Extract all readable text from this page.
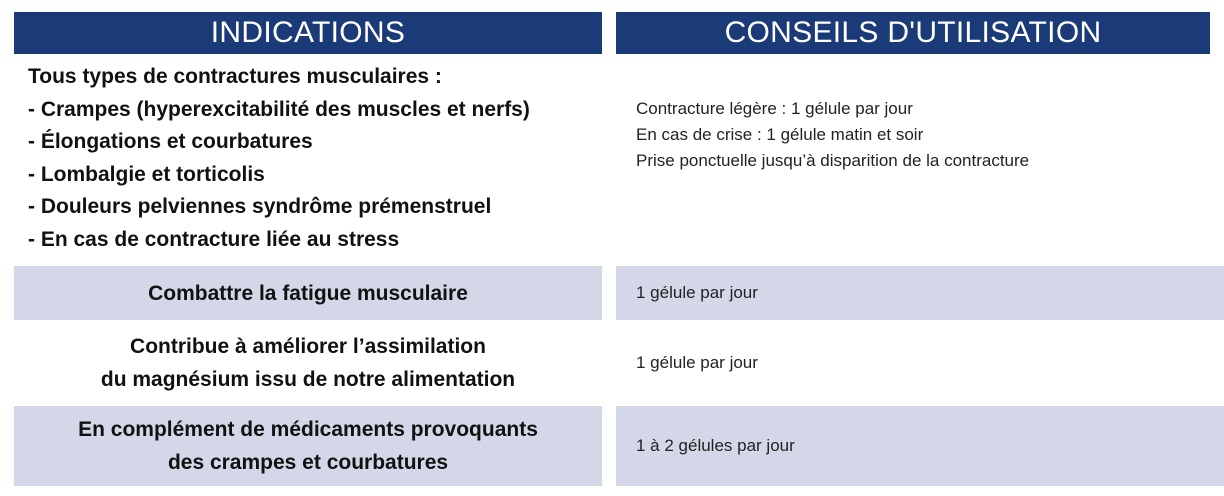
INDICATIONS	CONSEILS D'UTILISATION
Tous types de contractures musculaires :
- Crampes (hyperexcitabilité des muscles et nerfs)
- Élongations et courbatures
- Lombalgie et torticolis
- Douleurs pelviennes syndrôme prémenstruel
- En cas de contracture liée au stress
Contracture légère : 1 gélule par jour
En cas de crise : 1 gélule matin et soir
Prise ponctuelle jusqu’à disparition de la contracture
Combattre la fatigue musculaire	1 gélule par jour
Contribue à améliorer l’assimilation
du magnésium issu de notre alimentation
1 gélule par jour
En complément de médicaments provoquants
des crampes et courbatures
1 à 2 gélules par jour
